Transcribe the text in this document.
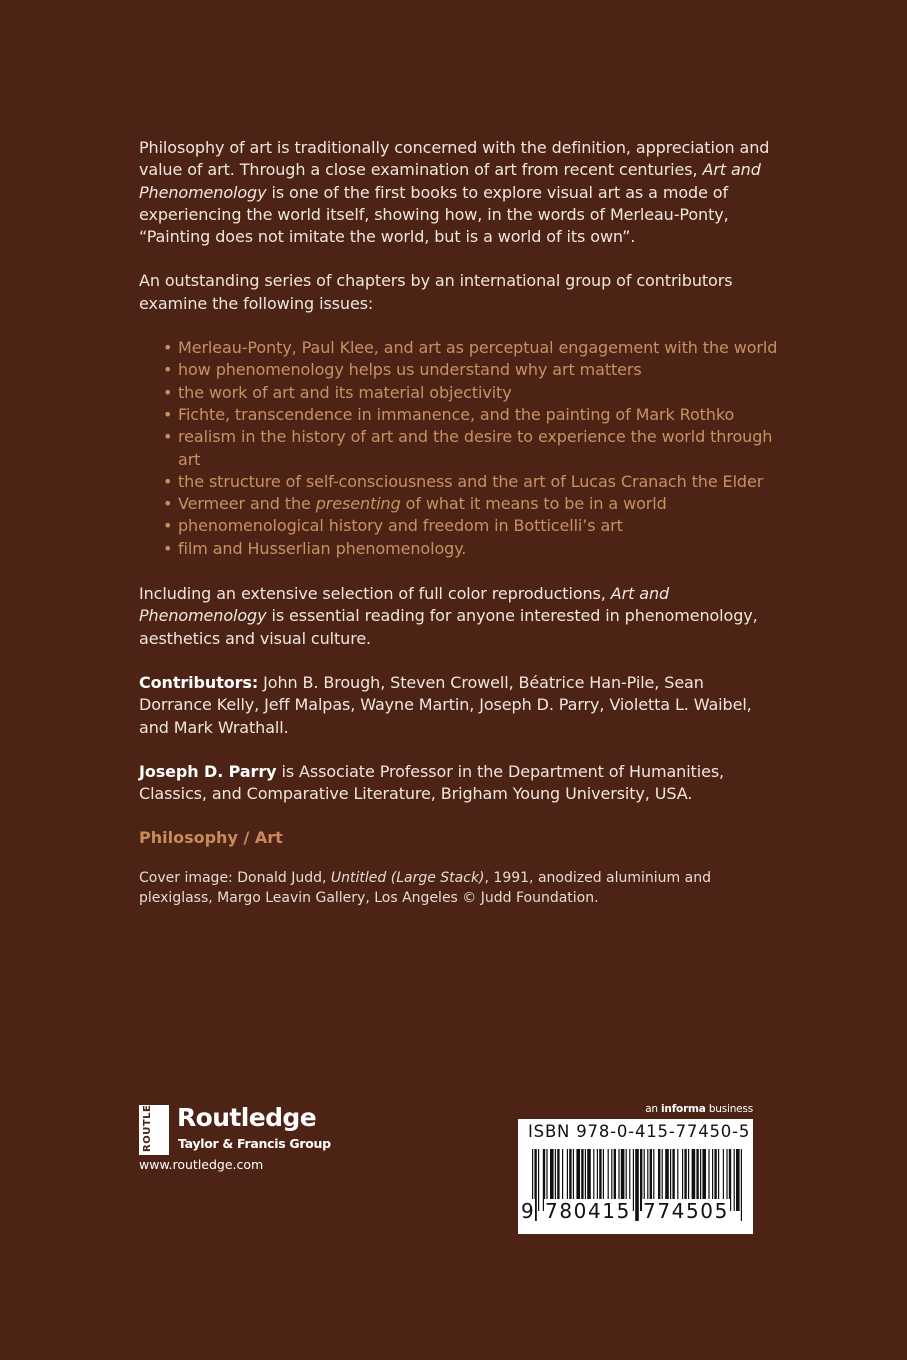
Philosophy of art is traditionally concerned with the definition, appreciation and value of art. Through a close examination of art from recent centuries, Art and Phenomenology is one of the first books to explore visual art as a mode of experiencing the world itself, showing how, in the words of Merleau-Ponty, “Painting does not imitate the world, but is a world of its own”.

An outstanding series of chapters by an international group of contributors examine the following issues:

• Merleau-Ponty, Paul Klee, and art as perceptual engagement with the world
• how phenomenology helps us understand why art matters
• the work of art and its material objectivity
• Fichte, transcendence in immanence, and the painting of Mark Rothko
• realism in the history of art and the desire to experience the world through art
• the structure of self-consciousness and the art of Lucas Cranach the Elder
• Vermeer and the presenting of what it means to be in a world
• phenomenological history and freedom in Botticelli’s art
• film and Husserlian phenomenology.

Including an extensive selection of full color reproductions, Art and Phenomenology is essential reading for anyone interested in phenomenology, aesthetics and visual culture.

Contributors: John B. Brough, Steven Crowell, Béatrice Han-Pile, Sean Dorrance Kelly, Jeff Malpas, Wayne Martin, Joseph D. Parry, Violetta L. Waibel, and Mark Wrathall.

Joseph D. Parry is Associate Professor in the Department of Humanities, Classics, and Comparative Literature, Brigham Young University, USA.

Philosophy / Art
Cover image: Donald Judd, Untitled (Large Stack), 1991, anodized aluminium and plexiglass, Margo Leavin Gallery, Los Angeles © Judd Foundation.
ROUTLEDGE Routledge
Taylor & Francis Group
www.routledge.com
an informa business
ISBN 978-0-415-77450-5
9 780415 774505
